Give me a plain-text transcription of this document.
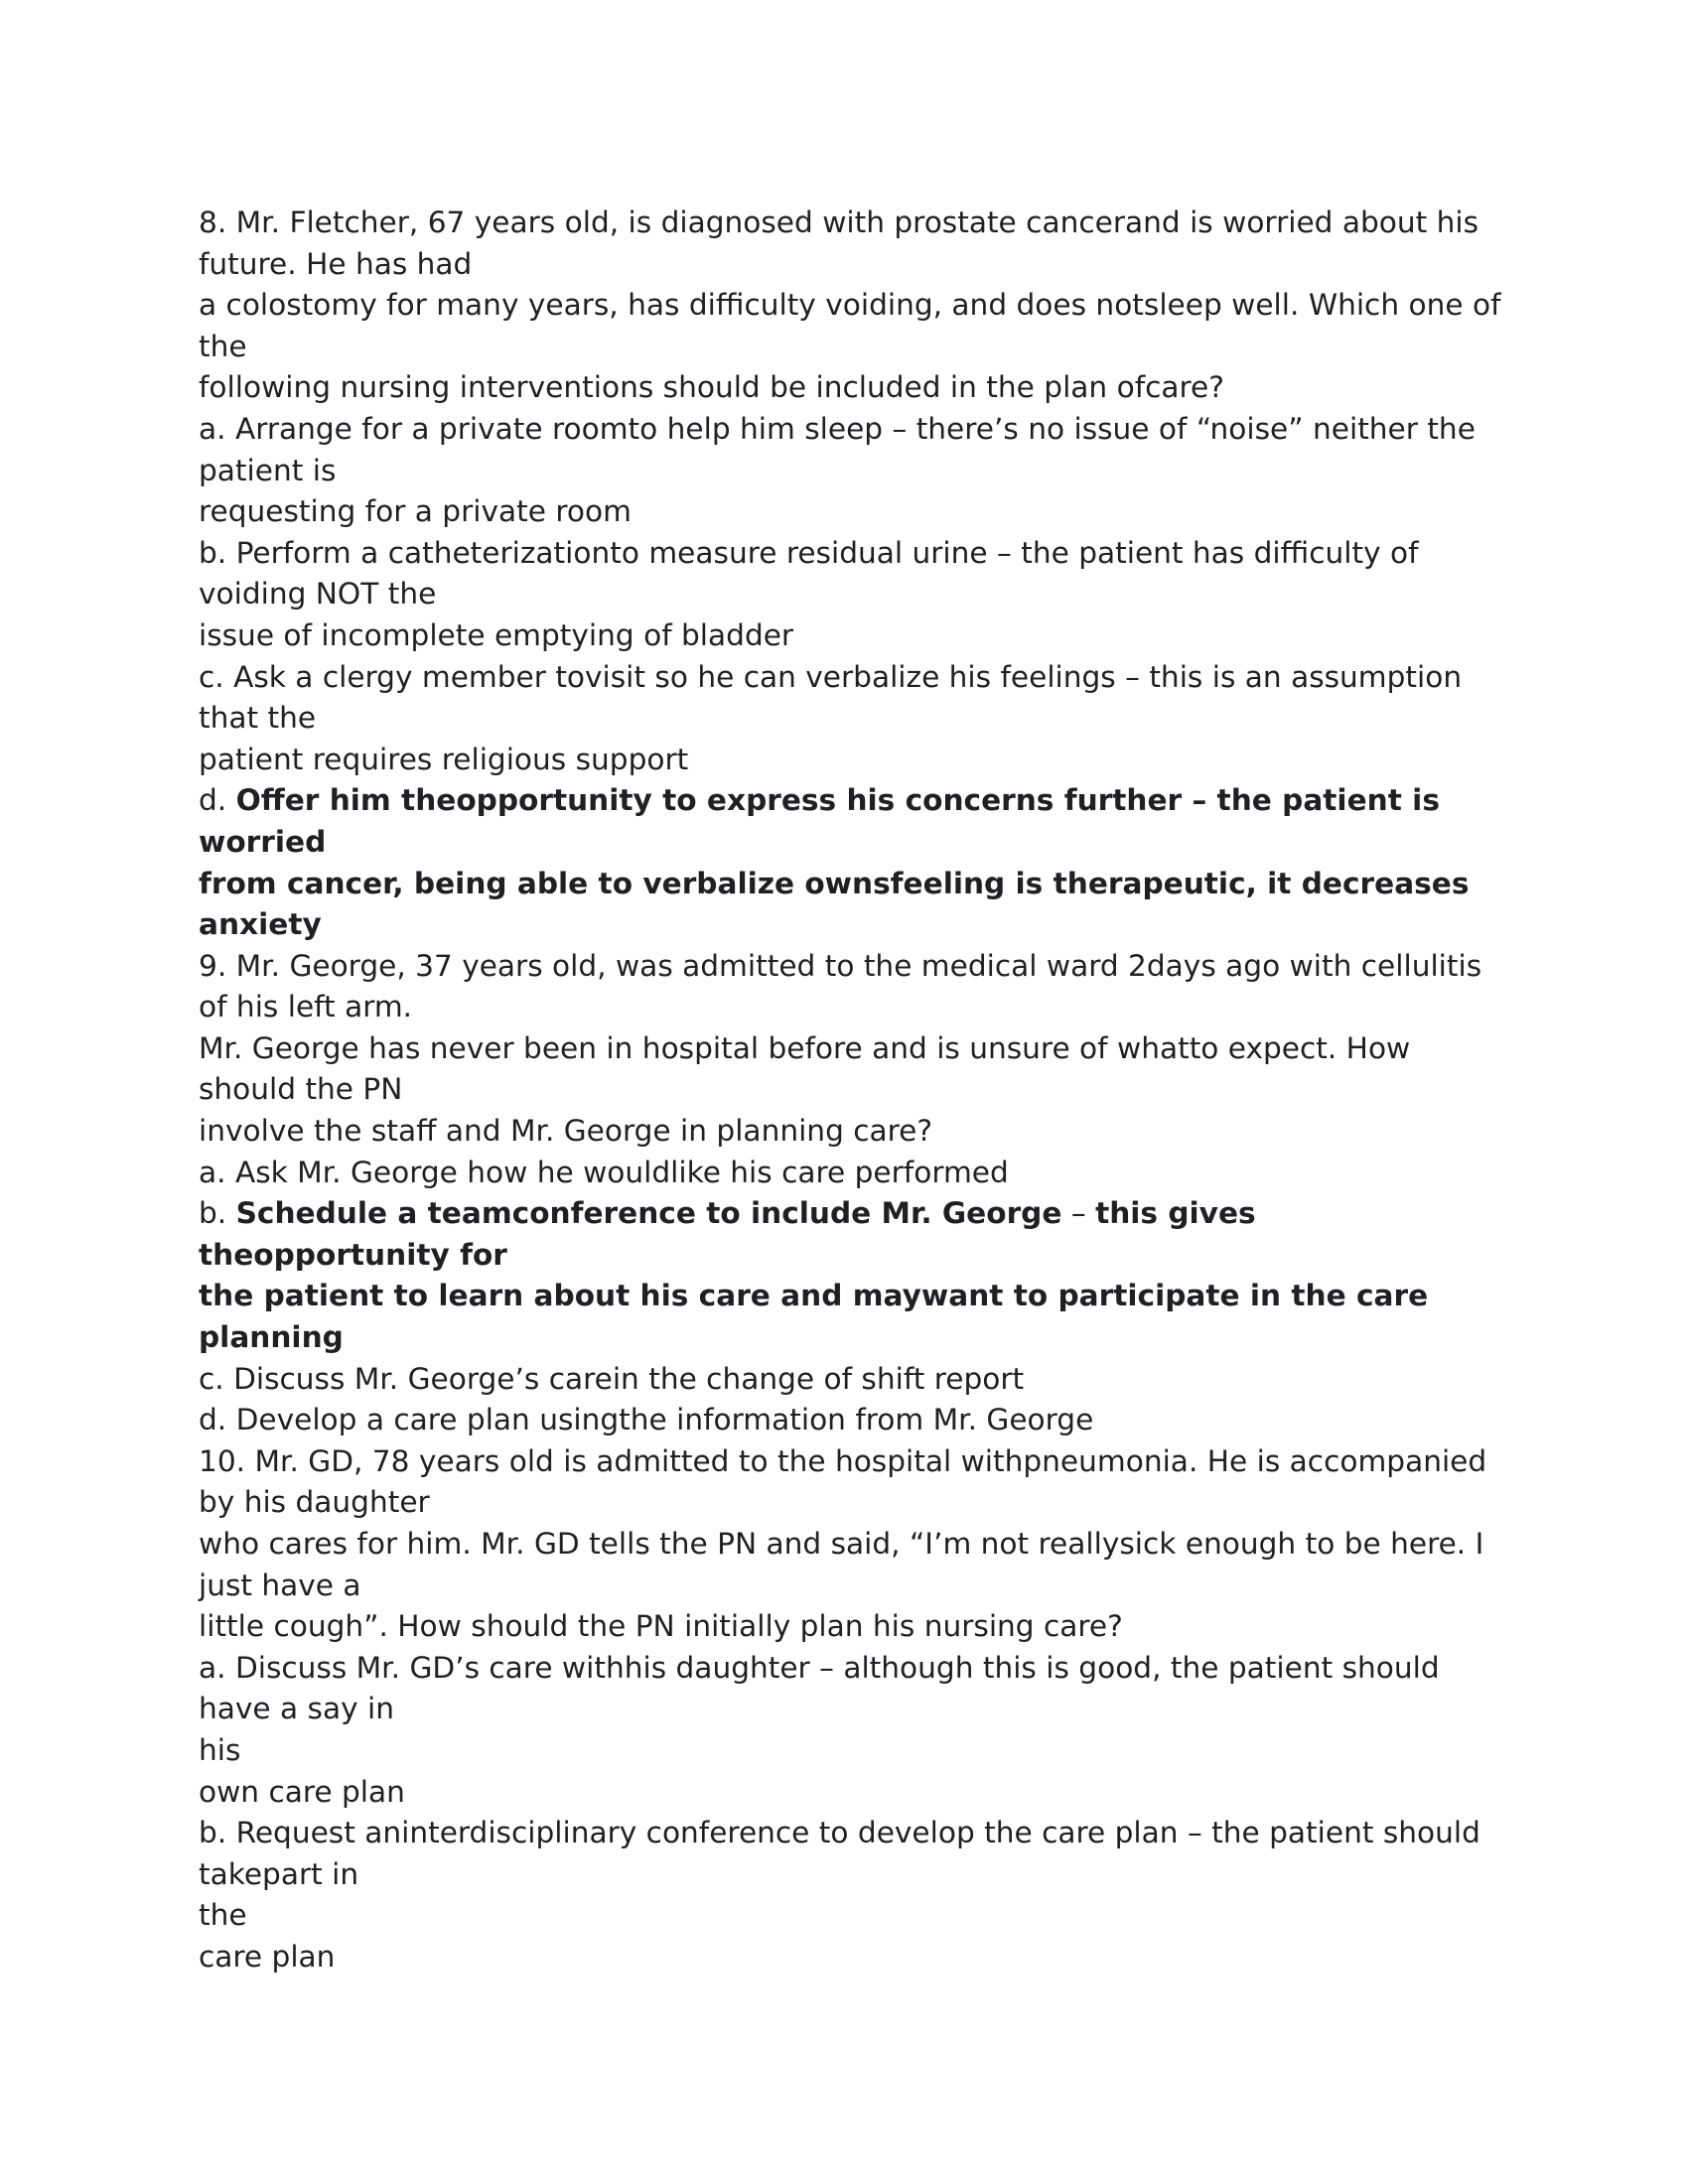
8. Mr. Fletcher, 67 years old, is diagnosed with prostate cancerand is worried about his
future. He has had
a colostomy for many years, has difficulty voiding, and does notsleep well. Which one of
the
following nursing interventions should be included in the plan ofcare?
a. Arrange for a private roomto help him sleep – there’s no issue of “noise” neither the
patient is
requesting for a private room
b. Perform a catheterizationto measure residual urine – the patient has difficulty of
voiding NOT the
issue of incomplete emptying of bladder
c. Ask a clergy member tovisit so he can verbalize his feelings – this is an assumption
that the
patient requires religious support
d. Offer him theopportunity to express his concerns further – the patient is
worried
from cancer, being able to verbalize ownsfeeling is therapeutic, it decreases
anxiety
9. Mr. George, 37 years old, was admitted to the medical ward 2days ago with cellulitis
of his left arm.
Mr. George has never been in hospital before and is unsure of whatto expect. How
should the PN
involve the staff and Mr. George in planning care?
a. Ask Mr. George how he wouldlike his care performed
b. Schedule a teamconference to include Mr. George – this gives
theopportunity for
the patient to learn about his care and maywant to participate in the care
planning
c. Discuss Mr. George’s carein the change of shift report
d. Develop a care plan usingthe information from Mr. George
10. Mr. GD, 78 years old is admitted to the hospital withpneumonia. He is accompanied
by his daughter
who cares for him. Mr. GD tells the PN and said, “I’m not reallysick enough to be here. I
just have a
little cough”. How should the PN initially plan his nursing care?
a. Discuss Mr. GD’s care withhis daughter – although this is good, the patient should
have a say in
his
own care plan
b. Request aninterdisciplinary conference to develop the care plan – the patient should
takepart in
the
care plan
